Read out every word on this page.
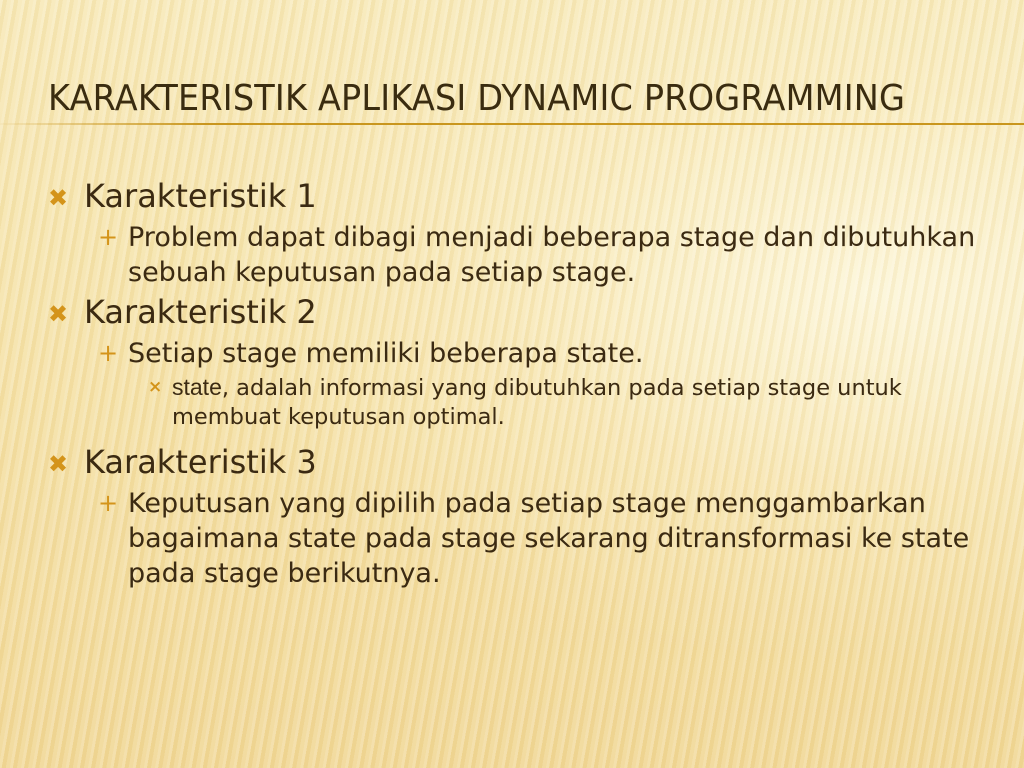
KARAKTERISTIK APLIKASI DYNAMIC PROGRAMMING
✖ Karakteristik 1
+ Problem dapat dibagi menjadi beberapa stage dan dibutuhkan sebuah keputusan pada setiap stage.
✖ Karakteristik 2
+ Setiap stage memiliki beberapa state.
× state, adalah informasi yang dibutuhkan pada setiap stage untuk membuat keputusan optimal.
✖ Karakteristik 3
+ Keputusan yang dipilih pada setiap stage menggambarkan bagaimana state pada stage sekarang ditransformasi ke state pada stage berikutnya.
